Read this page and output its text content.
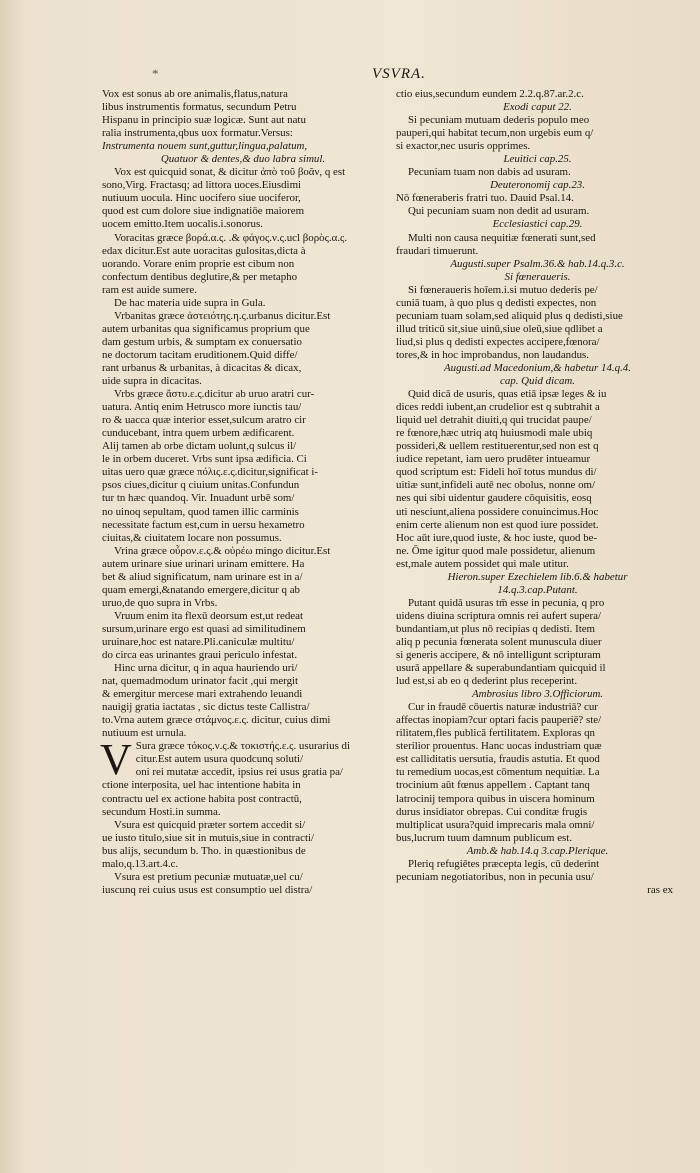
*	VSVRA.

Vox est sonus ab ore animalis,flatus,natura

libus instrumentis formatus, secundum Petru

Hispanu in principio suæ logicæ. Sunt aut natu

ralia instrumenta,qbus uox formatur.Versus:

Instrumenta nouem sunt,guttur,lingua,palatum,

Quatuor & dentes,& duo labra simul.

Vox est quicquid sonat, & dicitur ἀπὸ τοῦ βοᾶν, q est

sono,Virg. Fractasq; ad littora uoces.Eiusdimi

nutiuum uocula. Hinc uocifero siue uociferor,

quod est cum dolore siue indignatiōe maiorem

uocem emitto.Item uocalis.i.sonorus.

Voracitas græce βορά.α.ς. .& φάγος.ν.ς.ucl βορὸς.α.ς.

edax dicitur.Est aute uoracitas gulositas,dicta à

uorando. Vorare enim proprie est cibum non

confectum dentibus deglutire,& per metapho

ram est auide sumere.

De hac materia uide supra in Gula.

Vrbanitas græce ἀστειότης.η.ς.urbanus dicitur.Est

autem urbanitas qua significamus proprium que

dam gestum urbis, & sumptam ex conuersatio

ne doctorum tacitam eruditionem.Quid diffe/

rant urbanus & urbanitas, à dicacitas & dicax,

uide supra in dicacitas.

Vrbs græce ἄστυ.ε.ς.dicitur ab uruo aratri cur-

uatura. Antiq enim Hetrusco more iunctis tau/

ro & uacca quæ interior esset,sulcum aratro cir

cunducebant, intra quem urbem ædificarent.

Alij tamen ab orbe dictam uolunt,q sulcus il/

le in orbem duceret. Vrbs sunt ipsa ædificia. Ci

uitas uero quæ græce πόλις.ε.ς.dicitur,significat i-

psos ciues,dicitur q ciuium unitas.Confundun

tur tn hæc quandoq. Vir. Inuadunt urbē som/

no uinoq sepultam, quod tamen illic carminis

necessitate factum est,cum in uersu hexametro

ciuitas,& ciuitatem locare non possumus.

Vrina græce οὖρον.ε.ς.& οὐρέω mingo dicitur.Est

autem urinare siue urinari urinam emittere. Ha

bet & aliud significatum, nam urinare est in a/

quam emergi,&natando emergere,dicitur q ab

uruo,de quo supra in Vrbs.

Vruum enim ita flexū deorsum est,ut redeat

sursum,urinare ergo est quasi ad similitudinem

uruinare,hoc est natare.Pli.caniculæ multitu/

do circa eas urinantes graui periculo infestat.

Hinc urna dicitur, q in aqua hauriendo uri/

nat, quemadmodum urinator facit ,qui mergit

& emergitur mercese mari extrahendo leuandi

nauigij gratia iactatas , sic dictus teste Callistra/

to.Vrna autem græce στάμνος.ε.ς. dicitur, cuius dimi

nutiuum est urnula.

V Sura græce τόκος.ν.ς.& τοκιστής.ε.ς. usurarius di

citur.Est autem usura quodcunq soluti/

oni rei mutatæ accedit, ipsius rei usus gratia pa/

ctione interposita, uel hac intentione habita in

contractu uel ex actione habita post contractū,

secundum Hosti.in summa.

Vsura est quicquid præter sortem accedit si/

ue iusto titulo,siue sit in mutuis,siue in contracti/

bus alijs, secundum b. Tho. in quæstionibus de

malo,q.13.art.4.c.

Vsura est pretium pecuniæ mutuatæ,uel cu/

iuscunq rei cuius usus est consumptio uel distra/

ctio eius,secundum eundem 2.2.q.87.ar.2.c.

Exodi caput 22.

Si pecuniam mutuam dederis populo meo

pauperi,qui habitat tecum,non urgebis eum q/

si exactor,nec usuris opprimes.

Leuitici cap.25.

Pecuniam tuam non dabis ad usuram.

Deuteronomij cap.23.

Nō fœneraberis fratri tuo. Dauid Psal.14.

Qui pecuniam suam non dedit ad usuram.

Ecclesiastici cap.29.

Multi non causa nequitiæ fœnerati sunt,sed

fraudari timuerunt.

Augusti.super Psalm.36.& hab.14.q.3.c.

Si fœneraueris.

Si fœneraueris hoīem.i.si mutuo dederis pe/

cuniā tuam, à quo plus q dedisti expectes, non

pecuniam tuam solam,sed aliquid plus q dedisti,siue

illud triticū sit,siue uinū,siue oleū,siue qdlibet a

liud,si plus q dedisti expectes accipere,fœnora/

tores,& in hoc improbandus, non laudandus.

Augusti.ad Macedonium,& habetur 14.q.4.

cap. Quid dicam.

Quid dicā de usuris, quas etiā ipsæ leges & iu

dices reddi iubent,an crudelior est q subtrahit a

liquid uel detrahit diuiti,q qui trucidat paupe/

re fœnore,hæc utriq atq huiusmodi male ubiq

possideri,& uellem restituerentur,sed non est q

iudice repetant, iam uero prudēter intueamur

quod scriptum est: Fideli hoī totus mundus di/

uitiæ sunt,infideli autē nec obolus, nonne om/

nes qui sibi uidentur gaudere cōquisitis, eosq

uti nesciunt,aliena possidere conuincimus.Hoc

enim certe alienum non est quod iure possidet.

Hoc aūt iure,quod iuste, & hoc iuste, quod be-

ne. Ōme igitur quod male possidetur, alienum

est,male autem possidet qui male utitur.

Hieron.super Ezechielem lib.6.& habetur

14.q.3.cap.Putant.

Putant quidā usuras tm̄ esse in pecunia, q pro

uidens diuina scriptura omnis rei aufert supera/

bundantiam,ut plus nō recipias q dedisti. Item

aliq p pecunia fœnerata solent munuscula diuer

si generis accipere, & nō intelligunt scripturam

usurā appellare & superabundantiam quicquid il

lud est,si ab eo q dederint plus receperint.

Ambrosius libro 3.Officiorum.

Cur in fraudē cōuertis naturæ industriā? cur

affectas inopiam?cur optari facis pauperiē? ste/

rilitatem,fles publicā fertilitatem. Exploras qn

sterilior prouentus. Hanc uocas industriam quæ

est calliditatis uersutia, fraudis astutia. Et quod

tu remedium uocas,est cōmentum nequitiæ. La

trocinium aūt fœnus appellem . Captant tanq

latrocinij tempora quibus in uiscera hominum

durus insidiator obrepas. Cui conditæ frugis

multiplicat usura?quid imprecaris mala omni/

bus,lucrum tuum damnum publicum est.

Amb.& hab.14.q 3.cap.Plerique.

Pleriq refugiētes præcepta legis, cū dederint

pecuniam negotiatoribus, non in pecunia usu/

ras ex
